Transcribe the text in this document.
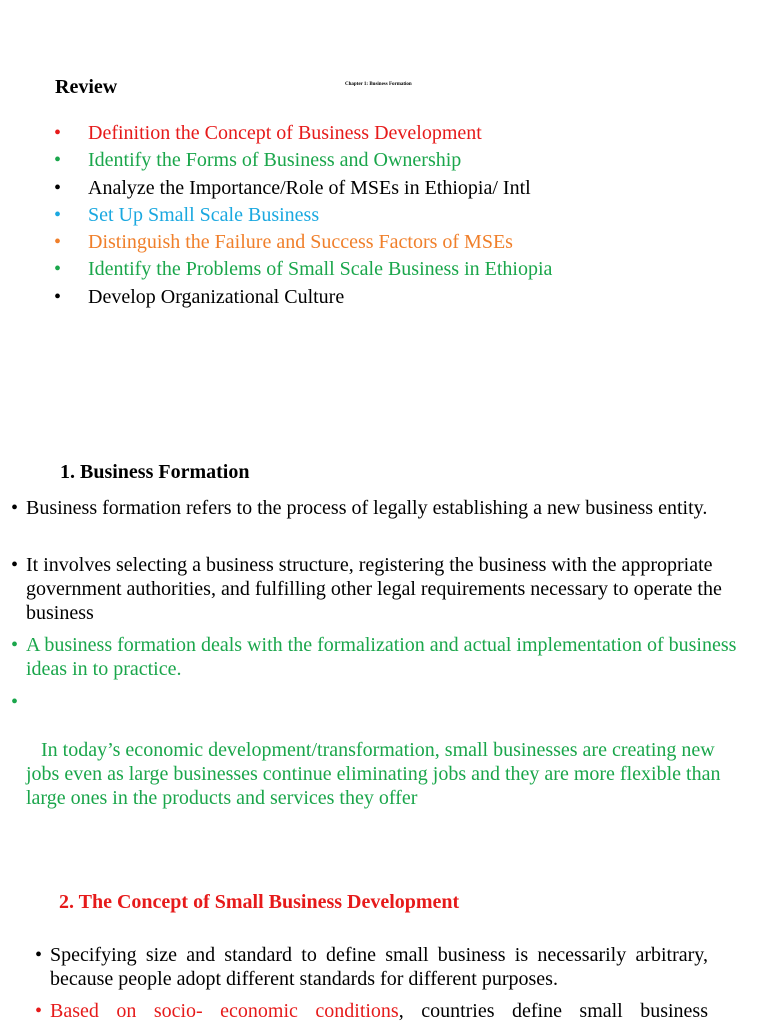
Review	Chapter 1: Business Formation
• Definition the Concept of Business Development
• Identify the Forms of Business and Ownership
• Analyze the Importance/Role of MSEs in Ethiopia/ Intl
• Set Up Small Scale Business
• Distinguish the Failure and Success Factors of MSEs
• Identify the Problems of Small Scale Business in Ethiopia
• Develop Organizational Culture
1. Business Formation
• Business formation refers to the process of legally establishing a new business entity.
• It involves selecting a business structure, registering the business with the appropriate government authorities, and fulfilling other legal requirements necessary to operate the business
• A business formation deals with the formalization and actual implementation of business ideas in to practice.

•

In today’s economic development/transformation, small businesses are creating new jobs even as large businesses continue eliminating jobs and they are more flexible than large ones in the products and services they offer

2. The Concept of Small Business Development
• Specifying size and standard to define small business is necessarily arbitrary, because people adopt different standards for different purposes.
• Based on socio- economic conditions, countries define small business
